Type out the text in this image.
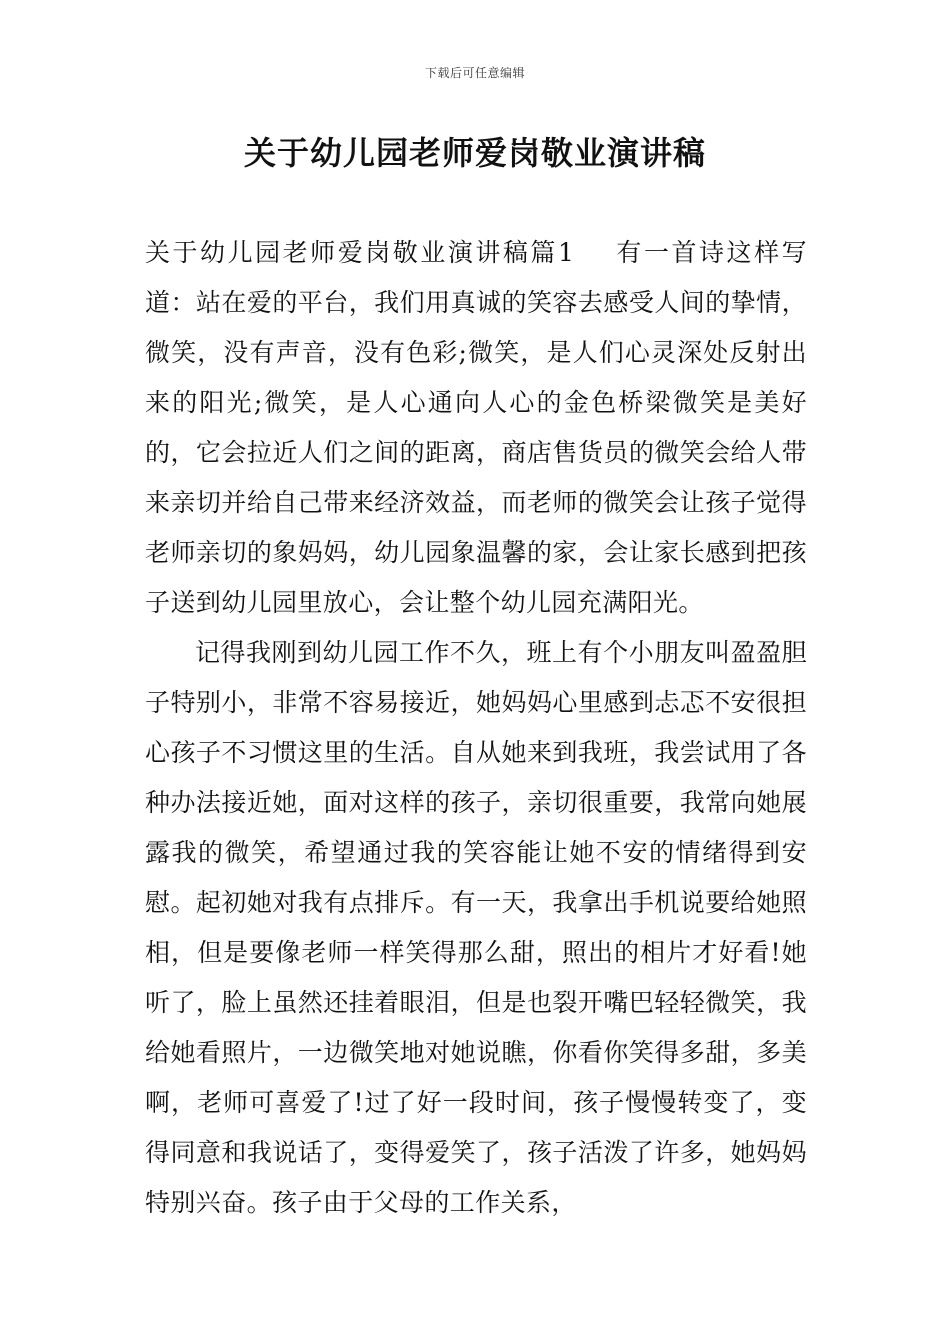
下载后可任意编辑
关于幼儿园老师爱岗敬业演讲稿

关于幼儿园老师爱岗敬业演讲稿篇1 有一首诗这样写道：站在爱的平台，我们用真诚的笑容去感受人间的挚情，微笑，没有声音，没有色彩;微笑，是人们心灵深处反射出来的阳光;微笑，是人心通向人心的金色桥梁微笑是美好的，它会拉近人们之间的距离，商店售货员的微笑会给人带来亲切并给自己带来经济效益，而老师的微笑会让孩子觉得老师亲切的象妈妈，幼儿园象温馨的家，会让家长感到把孩子送到幼儿园里放心，会让整个幼儿园充满阳光。

记得我刚到幼儿园工作不久，班上有个小朋友叫盈盈胆子特别小，非常不容易接近，她妈妈心里感到忐忑不安很担心孩子不习惯这里的生活。自从她来到我班，我尝试用了各种办法接近她，面对这样的孩子，亲切很重要，我常向她展露我的微笑，希望通过我的笑容能让她不安的情绪得到安慰。起初她对我有点排斥。有一天，我拿出手机说要给她照相，但是要像老师一样笑得那么甜，照出的相片才好看!她听了，脸上虽然还挂着眼泪，但是也裂开嘴巴轻轻微笑，我给她看照片，一边微笑地对她说瞧，你看你笑得多甜，多美啊，老师可喜爱了!过了好一段时间，孩子慢慢转变了，变得同意和我说话了，变得爱笑了，孩子活泼了许多，她妈妈特别兴奋。孩子由于父母的工作关系，
